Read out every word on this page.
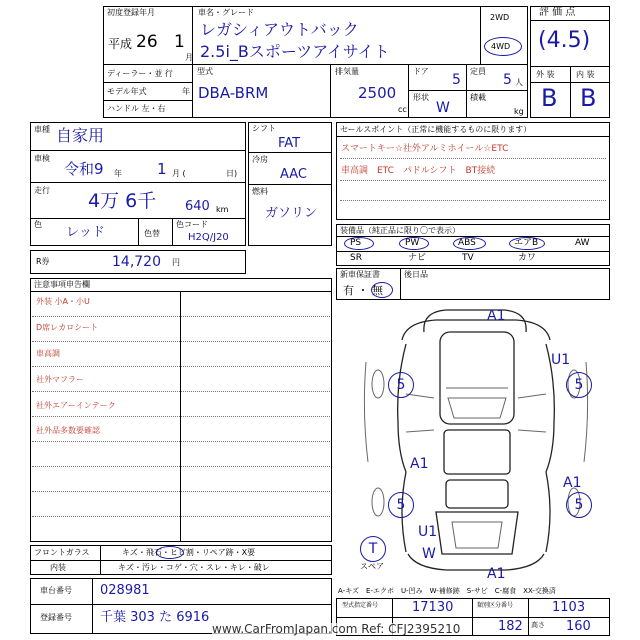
初度登録年月
平成 26 1
月
車名・グレード
レガシィアウトバック
2.5i_Bスポーツアイサイト
2WD
4WD
ディーラー・並 行
モデル年式	年
ハンドル 左・右
型式
DBA-BRM
排気量
2500
cc
ドア
5
定員
5 人
形状
W
積載
kg
評 価 点
(4.5)
外 装	内 装
B B
車種 自家用
車検
令和9 年 1 月 (	日)
走行 4万 6千 640 km
色
レッド	色替
色コード
H2Q/J20
シフト
FAT
冷房
AAC
燃料
ガソリン
セールスポイント（正常に機能するものに限ります）
スマートキー☆社外アルミホイール☆ETC
車高調　ETC　パドルシフト　BT接続
装備品（純正品に限り〇で表示）
PS	PW	ABS	エアB	AW
SR	ナビ	TV	カワ
新車保証書
有 ・ 無
後日品
R券	14,720 円
注意事項申告欄
外装 小A・小U
D席レカロシート
車高調
社外マフラー
社外エアーインテーク
社外品多数要確認
フロントガラス	キズ・飛石・ヒビ割・リペア跡・X要
内装	キズ・汚レ・コゲ・穴・スレ・キレ・破レ
車台番号 028981
登録番号 千葉 303 た 6916
A1
U1
5	5
5	5
A1
A1
U1
W
A1
T
スペア
A-キズ　E-エクボ　U-凹み　W-補修跡　S-サビ　C-腐食　XX-交換済
型式指定番号	17130	類別区分番号	1103
182 高さ 160
www.CarFromJapan.com Ref: CFJ2395210
